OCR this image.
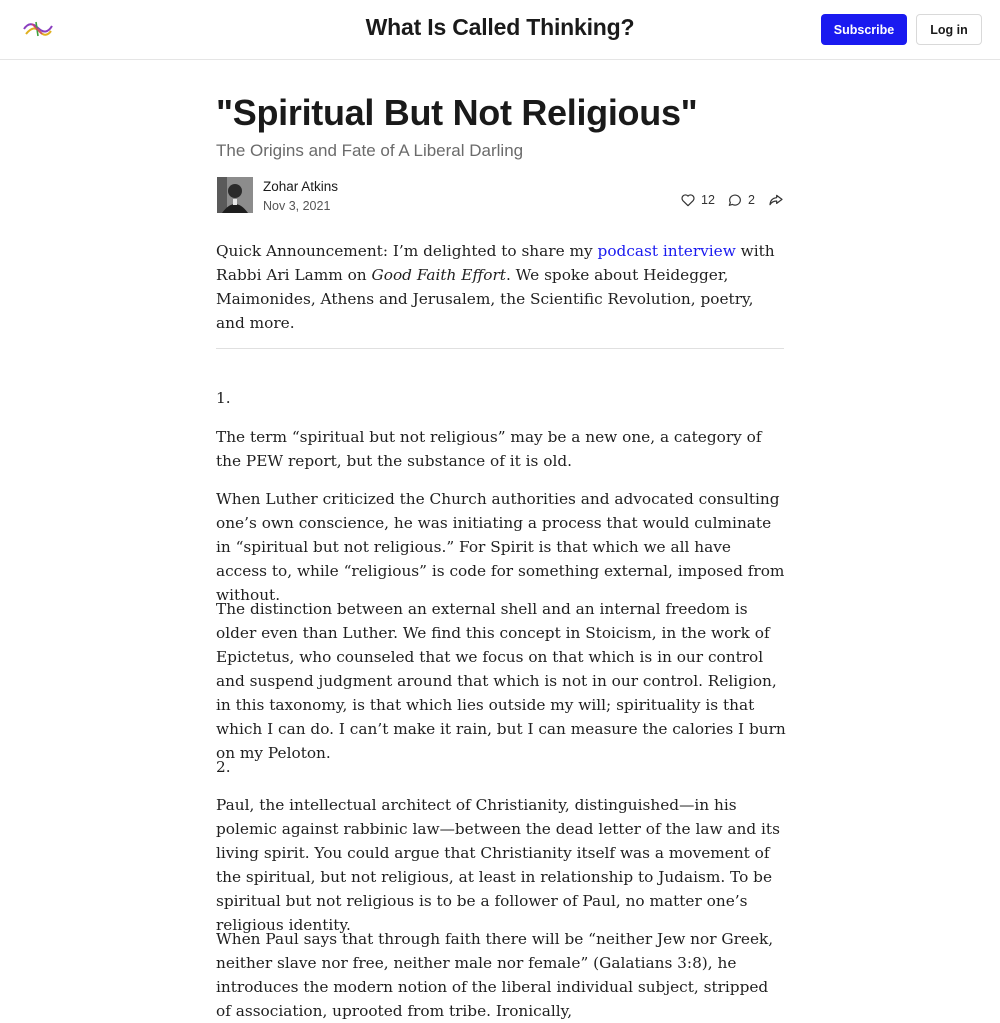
What Is Called Thinking?	Subscribe	Log in
"Spiritual But Not Religious"
The Origins and Fate of A Liberal Darling
Zohar Atkins
Nov 3, 2021	12	2

Quick Announcement: I’m delighted to share my podcast interview with Rabbi Ari Lamm on Good Faith Effort. We spoke about Heidegger, Maimonides, Athens and Jerusalem, the Scientific Revolution, poetry, and more.

1.

The term “spiritual but not religious” may be a new one, a category of the PEW report, but the substance of it is old.

When Luther criticized the Church authorities and advocated consulting one’s own conscience, he was initiating a process that would culminate in “spiritual but not religious.” For Spirit is that which we all have access to, while “religious” is code for something external, imposed from without.

The distinction between an external shell and an internal freedom is older even than Luther. We find this concept in Stoicism, in the work of Epictetus, who counseled that we focus on that which is in our control and suspend judgment around that which is not in our control. Religion, in this taxonomy, is that which lies outside my will; spirituality is that which I can do. I can’t make it rain, but I can measure the calories I burn on my Peloton.

2.

Paul, the intellectual architect of Christianity, distinguished—in his polemic against rabbinic law—between the dead letter of the law and its living spirit. You could argue that Christianity itself was a movement of the spiritual, but not religious, at least in relationship to Judaism. To be spiritual but not religious is to be a follower of Paul, no matter one’s religious identity.

When Paul says that through faith there will be “neither Jew nor Greek, neither slave nor free, neither male nor female” (Galatians 3:8), he introduces the modern notion of the liberal individual subject, stripped of association, uprooted from tribe. Ironically,
